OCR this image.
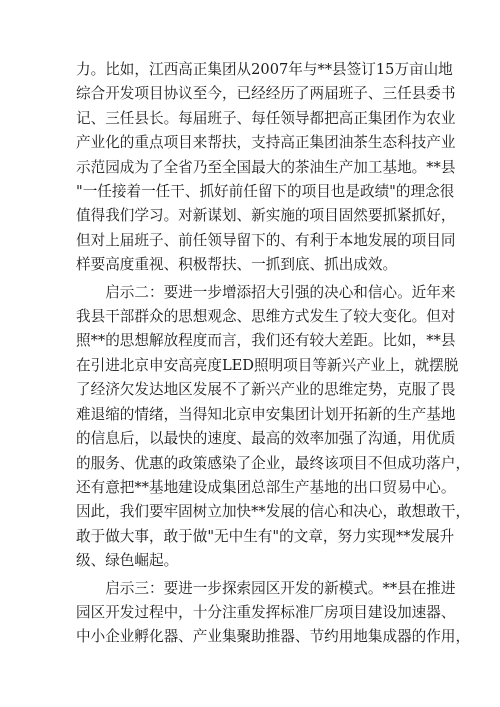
力。比如，江西高正集团从2007年与**县签订15万亩山地
综合开发项目协议至今，已经经历了两届班子、三任县委书
记、三任县长。每届班子、每任领导都把高正集团作为农业
产业化的重点项目来帮扶，支持高正集团油茶生态科技产业
示范园成为了全省乃至全国最大的茶油生产加工基地。**县
"一任接着一任干、抓好前任留下的项目也是政绩"的理念很
值得我们学习。对新谋划、新实施的项目固然要抓紧抓好，
但对上届班子、前任领导留下的、有利于本地发展的项目同
样要高度重视、积极帮扶、一抓到底、抓出成效。
启示二：要进一步增添招大引强的决心和信心。近年来
我县干部群众的思想观念、思维方式发生了较大变化。但对
照**的思想解放程度而言，我们还有较大差距。比如，**县
在引进北京申安高亮度LED照明项目等新兴产业上，就摆脱
了经济欠发达地区发展不了新兴产业的思维定势，克服了畏
难退缩的情绪，当得知北京申安集团计划开拓新的生产基地
的信息后，以最快的速度、最高的效率加强了沟通，用优质
的服务、优惠的政策感染了企业，最终该项目不但成功落户，
还有意把**基地建设成集团总部生产基地的出口贸易中心。
因此，我们要牢固树立加快**发展的信心和决心，敢想敢干，
敢于做大事，敢于做"无中生有"的文章，努力实现**发展升
级、绿色崛起。
启示三：要进一步探索园区开发的新模式。**县在推进
园区开发过程中，十分注重发挥标准厂房项目建设加速器、
中小企业孵化器、产业集聚助推器、节约用地集成器的作用，
